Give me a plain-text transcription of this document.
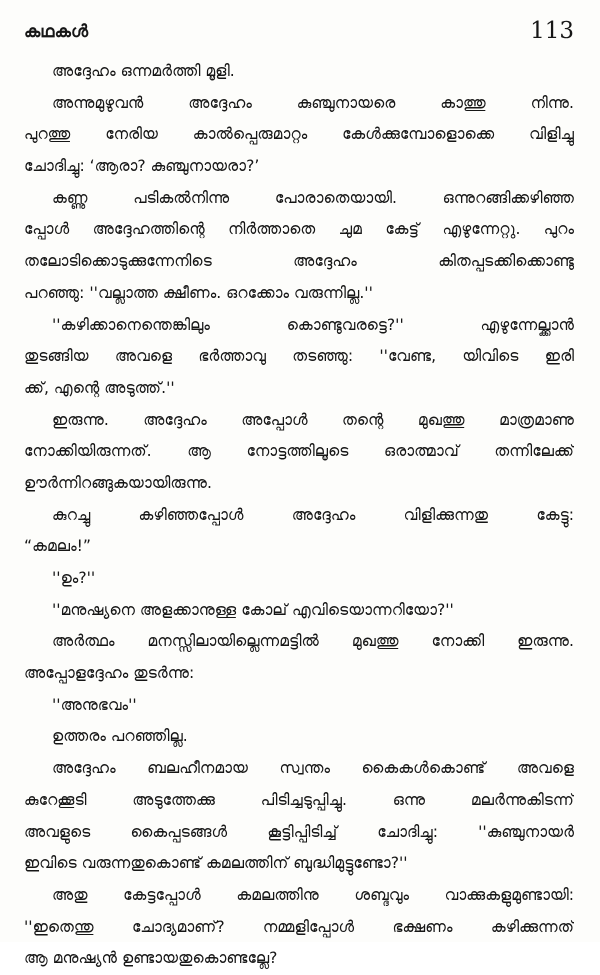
കഥകൾ	113
അദ്ദേഹം ഒന്നമർത്തി മൂളി.
അന്നുമുഴുവൻ അദ്ദേഹം കുഞ്ചുനായരെ കാത്തു നിന്നു.
പുറത്തു നേരിയ കാൽപ്പെരുമാറ്റം കേൾക്കുമ്പോളൊക്കെ വിളിച്ചു
ചോദിച്ചു: ‘ആരാ? കുഞ്ചുനായരാ?’
കണ്ണു പടികൽനിന്നു പോരാതെയായി. ഒന്നുറങ്ങിക്കഴിഞ്ഞ
പ്പോൾ അദ്ദേഹത്തിന്റെ നിർത്താതെ ചുമ കേട്ട് എഴുന്നേറ്റു. പുറം
തലോടിക്കൊടുക്കുന്നേനിടെ അദ്ദേഹം കിതപ്പടക്കിക്കൊണ്ടു
പറഞ്ഞു: ''വല്ലാത്ത ക്ഷീണം. ഒറക്കോം വരുന്നില്ല.''
''കഴിക്കാനെന്തെങ്കിലും കൊണ്ടുവരട്ടെ?'' എഴുന്നേല്ക്കാൻ
തുടങ്ങിയ അവളെ ഭർത്താവു തടഞ്ഞു: ''വേണ്ട, യിവിടെ ഇരി
ക്ക്, എന്റെ അടുത്ത്.''
ഇരുന്നു. അദ്ദേഹം അപ്പോൾ തന്റെ മുഖത്തു മാത്രമാണു
നോക്കിയിരുന്നത്. ആ നോട്ടത്തിലൂടെ ഒരാത്മാവ് തന്നിലേക്ക്
ഊർന്നിറങ്ങുകയായിരുന്നു.
കുറച്ചു കഴിഞ്ഞപ്പോൾ അദ്ദേഹം വിളിക്കുന്നതു കേട്ടു:
“കമലം!”
''ഉം?''
''മനുഷ്യനെ അളക്കാനുള്ള കോല് എവിടെയാന്നറിയോ?''
അർത്ഥം മനസ്സിലായില്ലെന്നമട്ടിൽ മുഖത്തു നോക്കി ഇരുന്നു.
അപ്പോളദ്ദേഹം തുടർന്നു:
''അനുഭവം''
ഉത്തരം പറഞ്ഞില്ല.
അദ്ദേഹം ബലഹീനമായ സ്വന്തം കൈകൾകൊണ്ട് അവളെ
കുറേക്കൂടി അടുത്തേക്കു പിടിച്ചടുപ്പിച്ചു. ഒന്നു മലർന്നുകിടന്ന്
അവളുടെ കൈപ്പടങ്ങൾ കൂട്ടിപ്പിടിച്ച് ചോദിച്ചു: ''കുഞ്ചുനായർ
ഇവിടെ വരുന്നതുകൊണ്ട് കമലത്തിന് ബുദ്ധിമുട്ടുണ്ടോ?''
അതു കേട്ടപ്പോൾ കമലത്തിനു ശബ്ദവും വാക്കുകളുമുണ്ടായി:
''ഇതെന്തു ചോദ്യമാണ്? നമ്മളിപ്പോൾ ഭക്ഷണം കഴിക്കുന്നത്
ആ മനുഷ്യൻ ഉണ്ടായതുകൊണ്ടല്ലേ?
